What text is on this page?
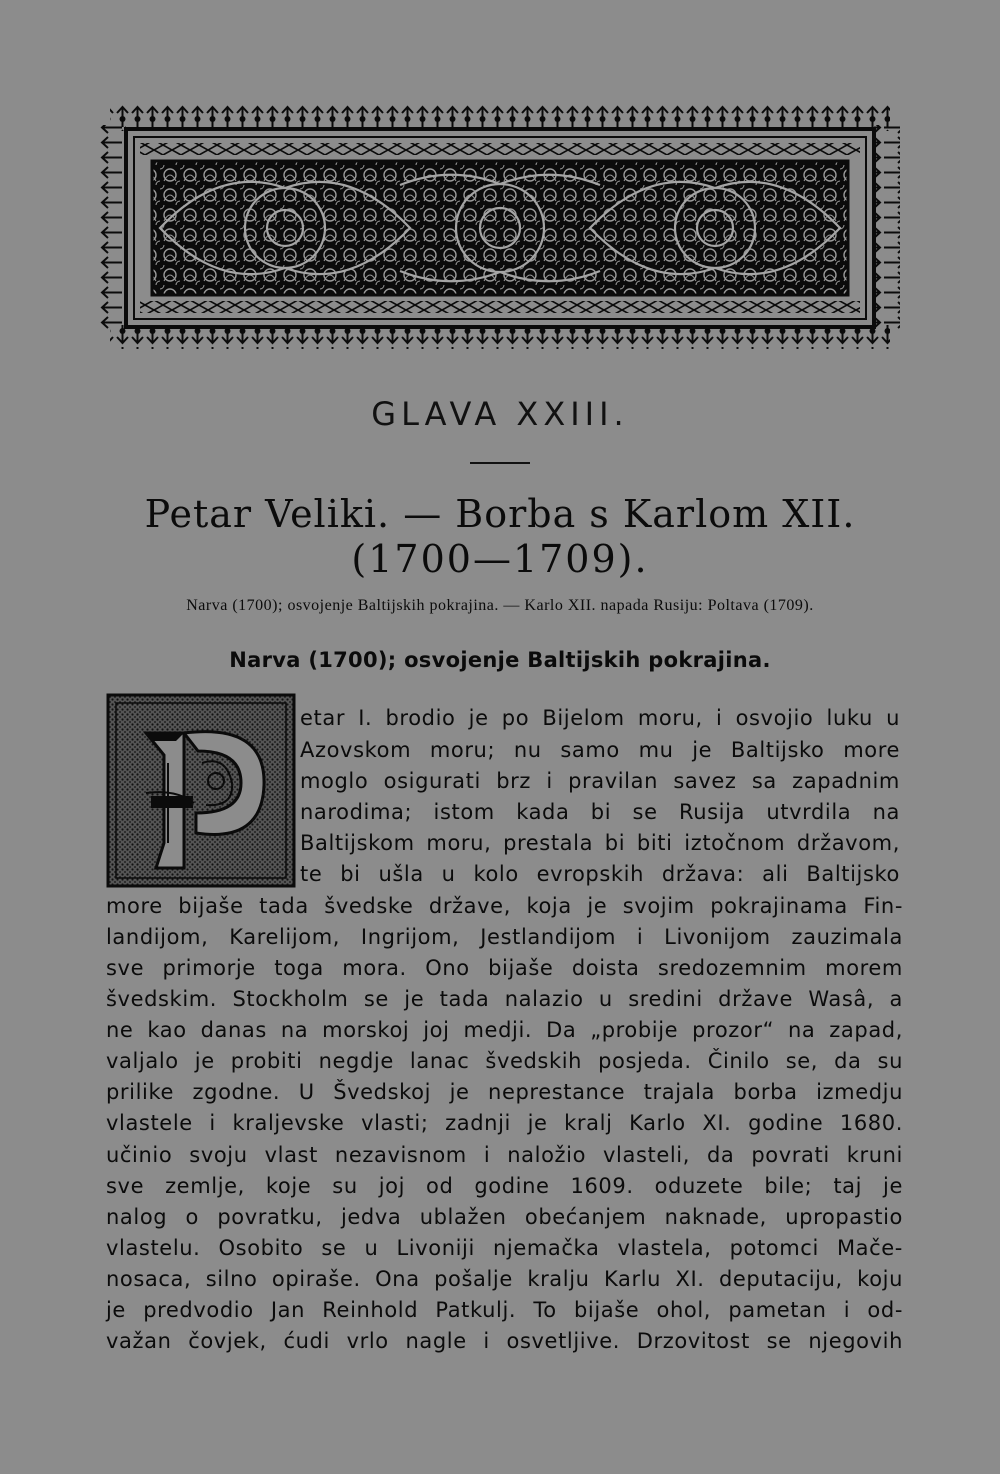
GLAVA XXIII.
Petar Veliki. — Borba s Karlom XII.
(1700—1709).
Narva (1700); osvojenje Baltijskih pokrajina. — Karlo XII. napada Rusiju: Poltava (1709).
Narva (1700); osvojenje Baltijskih pokrajina.
etar I. brodio je po Bijelom moru, i osvojio luku u
Azovskom moru; nu samo mu je Baltijsko more
moglo osigurati brz i pravilan savez sa zapadnim
narodima; istom kada bi se Rusija utvrdila na
Baltijskom moru, prestala bi biti iztočnom državom,
te bi ušla u kolo evropskih država: ali Baltijsko
more bijaše tada švedske države, koja je svojim pokrajinama Fin-
landijom, Karelijom, Ingrijom, Jestlandijom i Livonijom zauzimala
sve primorje toga mora. Ono bijaše doista sredozemnim morem
švedskim. Stockholm se je tada nalazio u sredini države Wasâ, a
ne kao danas na morskoj joj medji. Da „probije prozor“ na zapad,
valjalo je probiti negdje lanac švedskih posjeda. Činilo se, da su
prilike zgodne. U Švedskoj je neprestance trajala borba izmedju
vlastele i kraljevske vlasti; zadnji je kralj Karlo XI. godine 1680.
učinio svoju vlast nezavisnom i naložio vlasteli, da povrati kruni
sve zemlje, koje su joj od godine 1609. oduzete bile; taj je
nalog o povratku, jedva ublažen obećanjem naknade, upropastio
vlastelu. Osobito se u Livoniji njemačka vlastela, potomci Mače-
nosaca, silno opiraše. Ona pošalje kralju Karlu XI. deputaciju, koju
je predvodio Jan Reinhold Patkulj. To bijaše ohol, pametan i od-
važan čovjek, ćudi vrlo nagle i osvetljive. Drzovitost se njegovih
